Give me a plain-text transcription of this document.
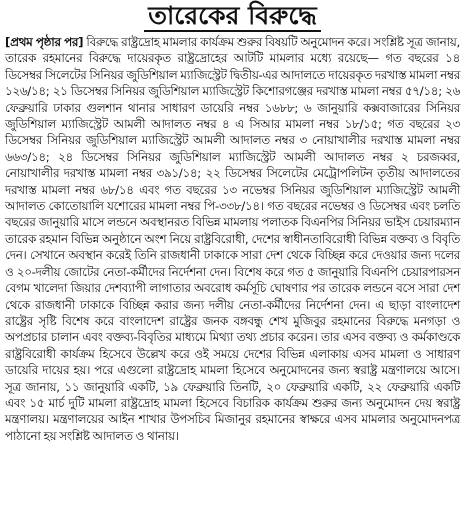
তারেকের বিরুদ্ধে

[প্রথম পৃষ্ঠার পর] বিরুদ্ধে রাষ্ট্রদ্রোহ মামলার কার্যক্রম শুরুর বিষয়টি অনুমোদন করে। সংশ্লিষ্ট সূত্র জানায়, তারেক রহমানের বিরুদ্ধে দায়েরকৃত রাষ্ট্রদ্রোহের আটটি মামলার মধ্যে রয়েছে— গত বছরের ১৪ ডিসেম্বর সিলেটের সিনিয়র জুডিশিয়াল ম্যাজিস্ট্রেট দ্বিতীয়-এর আদালতে দায়েরকৃত দরখাস্ত মামলা নম্বর ১২৬/১৪; ২১ ডিসেম্বর সিনিয়র জুডিশিয়াল ম্যাজিস্ট্রেট কিশোরগঞ্জের দরখাস্ত মামলা নম্বর ৫৭/১৪; ২৬ ফেব্রুয়ারি ঢাকার গুলশান থানার সাধারণ ডায়েরি নম্বর ১৬৮৮; ৬ জানুয়ারি কক্সবাজারের সিনিয়র জুডিশিয়াল ম্যাজিস্ট্রেট আমলী আদালত নম্বর ৪ এ সিআর মামলা নম্বর ১৮/১৫; গত বছরের ২৩ ডিসেম্বর সিনিয়র জুডিশিয়াল ম্যাজিস্ট্রেট আমলী আদালত নম্বর ৩ নোয়াখালীর দরখাস্ত মামলা নম্বর ৬৬৩/১৪; ২৪ ডিসেম্বর সিনিয়র জুডিশিয়াল ম্যাজিস্ট্রেট আমলী আদালত নম্বর ২ চরজব্বর, নোয়াখালীর দরখাস্ত মামলা নম্বর ৩৯১/১৪; ২২ ডিসেম্বর সিলেটের মেট্রোপলিটন তৃতীয় আদালতের দরখাস্ত মামলা নম্বর ৬৮/১৪ এবং গত বছরের ১৩ নভেম্বর সিনিয়র জুডিশিয়াল ম্যাজিস্ট্রেট আমলী আদালত কোতোয়ালি যশোরের মামলা নম্বর পি-৩৩৮/১৪। গত বছরের নভেম্বর ও ডিসেম্বর এবং চলতি বছরের জানুয়ারি মাসে লন্ডনে অবস্থানরত বিভিন্ন মামলায় পলাতক বিএনপির সিনিয়র ভাইস চেয়ারম্যান তারেক রহমান বিভিন্ন অনুষ্ঠানে অংশ নিয়ে রাষ্ট্রবিরোধী, দেশের স্বাধীনতাবিরোধী বিভিন্ন বক্তব্য ও বিবৃতি দেন। সেখানে অবস্থান করেই তিনি রাজধানী ঢাকাকে সারা দেশ থেকে বিচ্ছিন্ন করে দেওয়ার জন্য দলের ও ২০-দলীয় জোটের নেতা-কর্মীদের নির্দেশনা দেন। বিশেষ করে গত ৫ জানুয়ারি বিএনপি চেয়ারপারসন বেগম খালেদা জিয়ার দেশব্যাপী লাগাতার অবরোধ কর্মসূচি ঘোষণার পর তারেক লন্ডনে বসে সারা দেশ থেকে রাজধানী ঢাকাকে বিচ্ছিন্ন করার জন্য দলীয় নেতা-কর্মীদের নির্দেশনা দেন। এ ছাড়া বাংলাদেশ রাষ্ট্রের সৃষ্টি বিশেষ করে বাংলাদেশ রাষ্ট্রের জনক বঙ্গবন্ধু শেখ মুজিবুর রহমানের বিরুদ্ধে মনগড়া ও অপপ্রচার চালান এবং বক্তব্য-বিবৃতির মাধ্যমে মিথ্যা তথ্য প্রচার করেন। তার এসব বক্তব্য ও কর্মকাণ্ডকে রাষ্ট্রবিরোধী কার্যক্রম হিসেবে উল্লেখ করে ওই সময়ে দেশের বিভিন্ন এলাকায় এসব মামলা ও সাধারণ ডায়েরি দায়ের হয়। পরে এগুলো রাষ্ট্রদ্রোহ মামলা হিসেবে অনুমোদনের জন্য স্বরাষ্ট্র মন্ত্রণালয়ে আসে। সূত্র জানায়, ১১ জানুয়ারি একটি, ১৯ ফেব্রুয়ারি তিনটি, ২০ ফেব্রুয়ারি একটি, ২২ ফেব্রুয়ারি একটি এবং ১৫ মার্চ দুটি মামলা রাষ্ট্রদ্রোহ মামলা হিসেবে বিচারিক কার্যক্রম শুরুর জন্য অনুমোদন দেয় স্বরাষ্ট্র মন্ত্রণালয়। মন্ত্রণালয়ের আইন শাখার উপসচিব মিজানুর রহমানের স্বাক্ষরে এসব মামলার অনুমোদনপত্র পাঠানো হয় সংশ্লিষ্ট আদালত ও থানায়।
